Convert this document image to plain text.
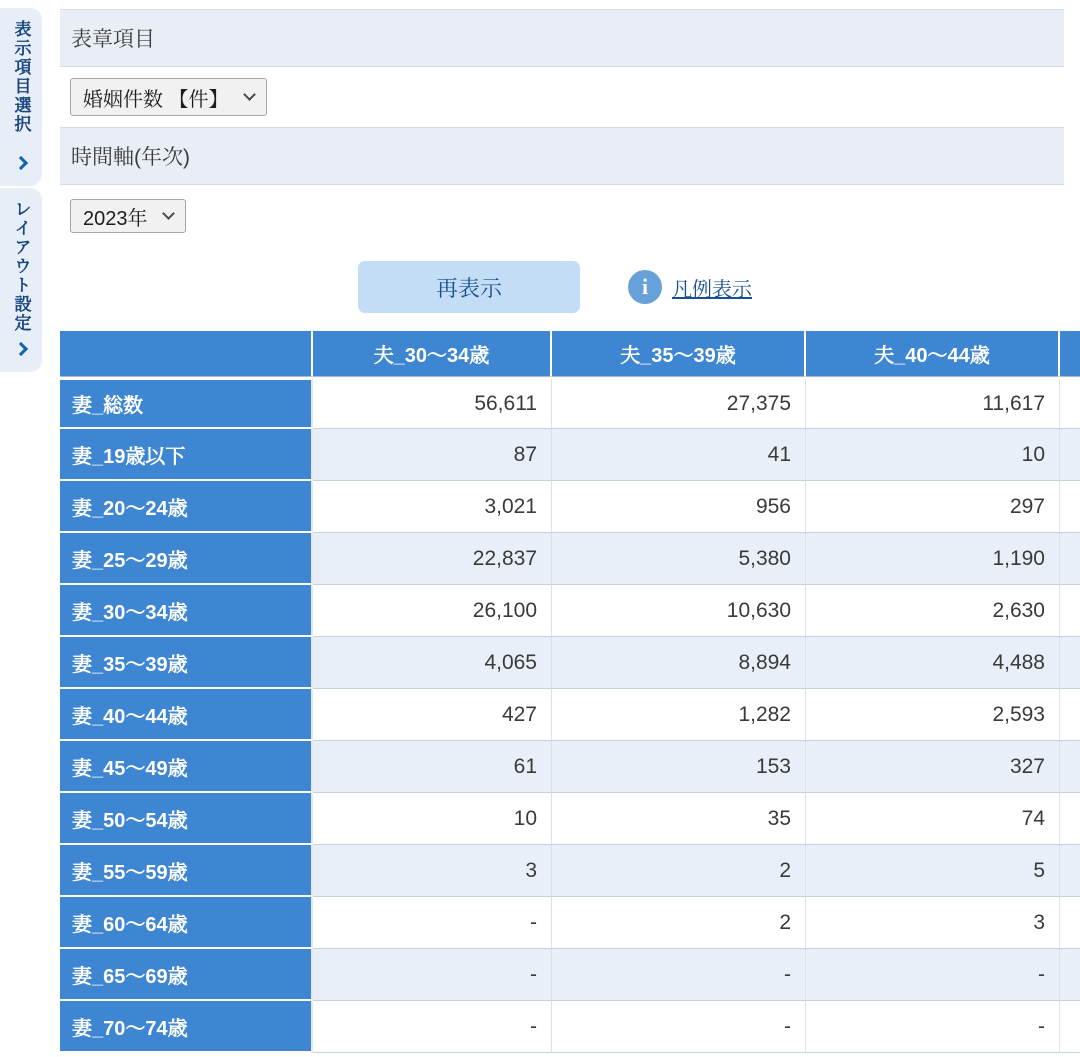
表示項目選択
レイアウト設定
表章項目
婚姻件数 【件】
時間軸(年次)
2023年
再表示	i	凡例表示
	夫_30〜34歳	夫_35〜39歳	夫_40〜44歳	
妻_総数	56,611	27,375	11,617	
妻_19歳以下	87	41	10	
妻_20〜24歳	3,021	956	297	
妻_25〜29歳	22,837	5,380	1,190	
妻_30〜34歳	26,100	10,630	2,630	
妻_35〜39歳	4,065	8,894	4,488	
妻_40〜44歳	427	1,282	2,593	
妻_45〜49歳	61	153	327	
妻_50〜54歳	10	35	74	
妻_55〜59歳	3	2	5	
妻_60〜64歳	-	2	3	
妻_65〜69歳	-	-	-	
妻_70〜74歳	-	-	-	
